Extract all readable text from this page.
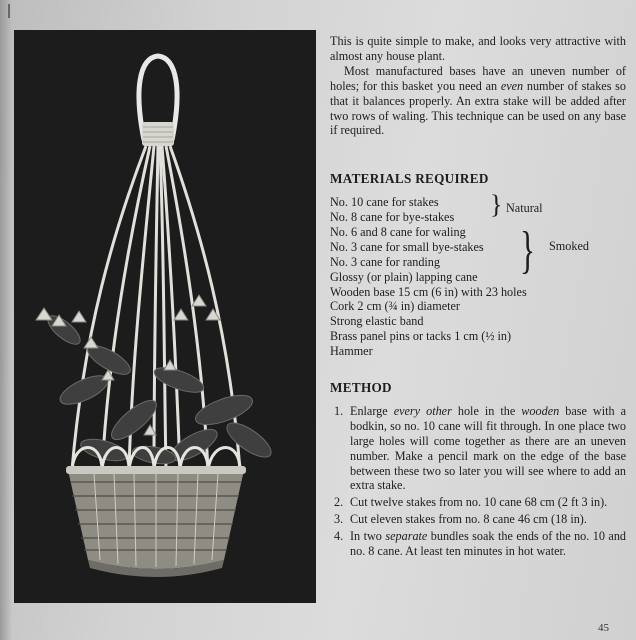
This is quite simple to make, and looks very attractive with almost any house plant.

Most manufactured bases have an uneven number of holes; for this basket you need an even number of stakes so that it balances properly. An extra stake will be added after two rows of waling. This technique can be used on any base if required.

MATERIALS REQUIRED
No. 10 cane for stakes
No. 8 cane for bye-stakes
No. 6 and 8 cane for waling
No. 3 cane for small bye-stakes
No. 3 cane for randing
Glossy (or plain) lapping cane
Wooden base 15 cm (6 in) with 23 holes
Cork 2 cm (¾ in) diameter
Strong elastic band
Brass panel pins or tacks 1 cm (½ in)
Hammer
} Natural
} Smoked
METHOD
1. Enlarge every other hole in the wooden base with a bodkin, so no. 10 cane will fit through. In one place two large holes will come together as there are an uneven number. Make a pencil mark on the edge of the base between these two so later you will see where to add an extra stake.
2. Cut twelve stakes from no. 10 cane 68 cm (2 ft 3 in).
3. Cut eleven stakes from no. 8 cane 46 cm (18 in).
4. In two separate bundles soak the ends of the no. 10 and no. 8 cane. At least ten minutes in hot water.
45
